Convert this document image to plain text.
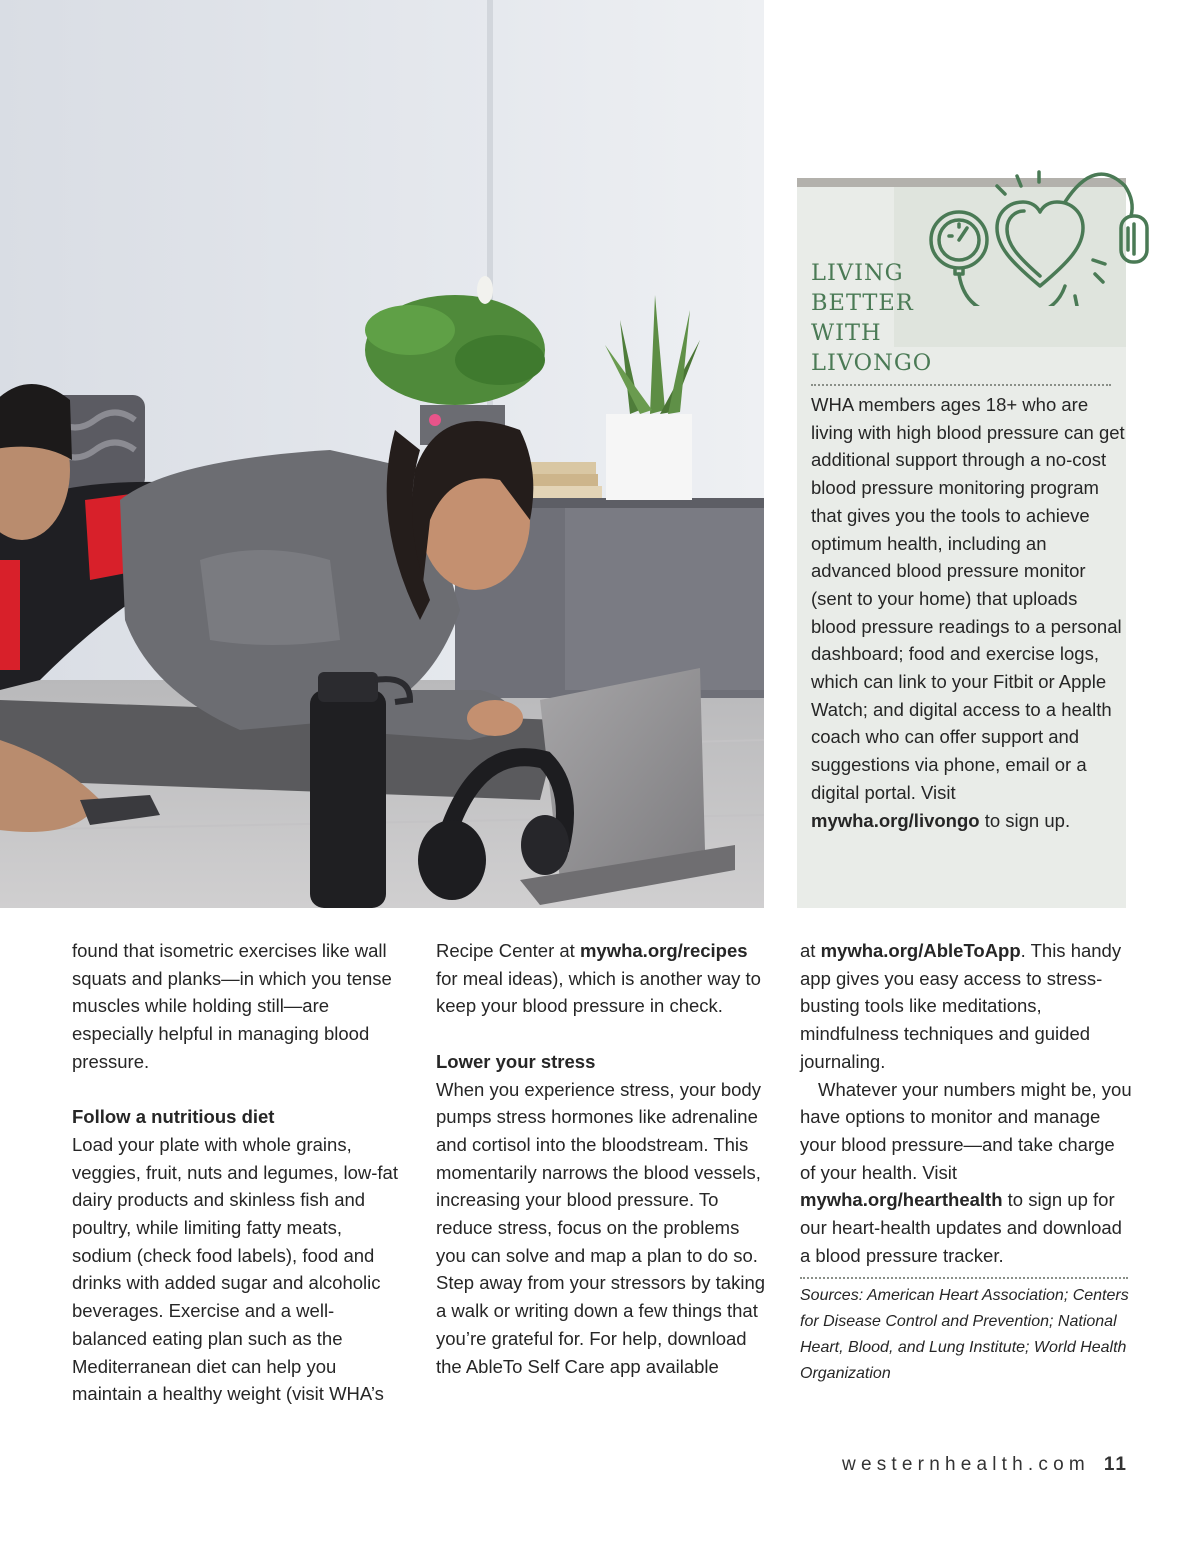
LIVING
BETTER
WITH
LIVONGO

WHA members ages 18+ who are living with high blood pressure can get additional support through a no-cost blood pressure monitoring program that gives you the tools to achieve optimum health, including an advanced blood pressure monitor (sent to your home) that uploads blood pressure readings to a personal dashboard; food and exercise logs, which can link to your Fitbit or Apple Watch; and digital access to a health coach who can offer support and suggestions via phone, email or a digital portal. Visit mywha.org/livongo to sign up.

found that isometric exercises like wall squats and planks—in which you tense muscles while holding still—are especially helpful in managing blood pressure.

Follow a nutritious diet

Load your plate with whole grains, veggies, fruit, nuts and legumes, low-fat dairy products and skinless fish and poultry, while limiting fatty meats, sodium (check food labels), food and drinks with added sugar and alcoholic beverages. Exercise and a well-balanced eating plan such as the Mediterranean diet can help you maintain a healthy weight (visit WHA’s

Recipe Center at mywha.org/recipes for meal ideas), which is another way to keep your blood pressure in check.

Lower your stress

When you experience stress, your body pumps stress hormones like adrenaline and cortisol into the bloodstream. This momentarily narrows the blood vessels, increasing your blood pressure. To reduce stress, focus on the problems you can solve and map a plan to do so. Step away from your stressors by taking a walk or writing down a few things that you’re grateful for. For help, download the AbleTo Self Care app available

at mywha.org/AbleToApp. This handy app gives you easy access to stress-busting tools like meditations, mindfulness techniques and guided journaling.

Whatever your numbers might be, you have options to monitor and manage your blood pressure—and take charge of your health. Visit mywha.org/hearthealth to sign up for our heart-health updates and download a blood pressure tracker.

Sources: American Heart Association; Centers for Disease Control and Prevention; National Heart, Blood, and Lung Institute; World Health Organization

westernhealth.com 11
